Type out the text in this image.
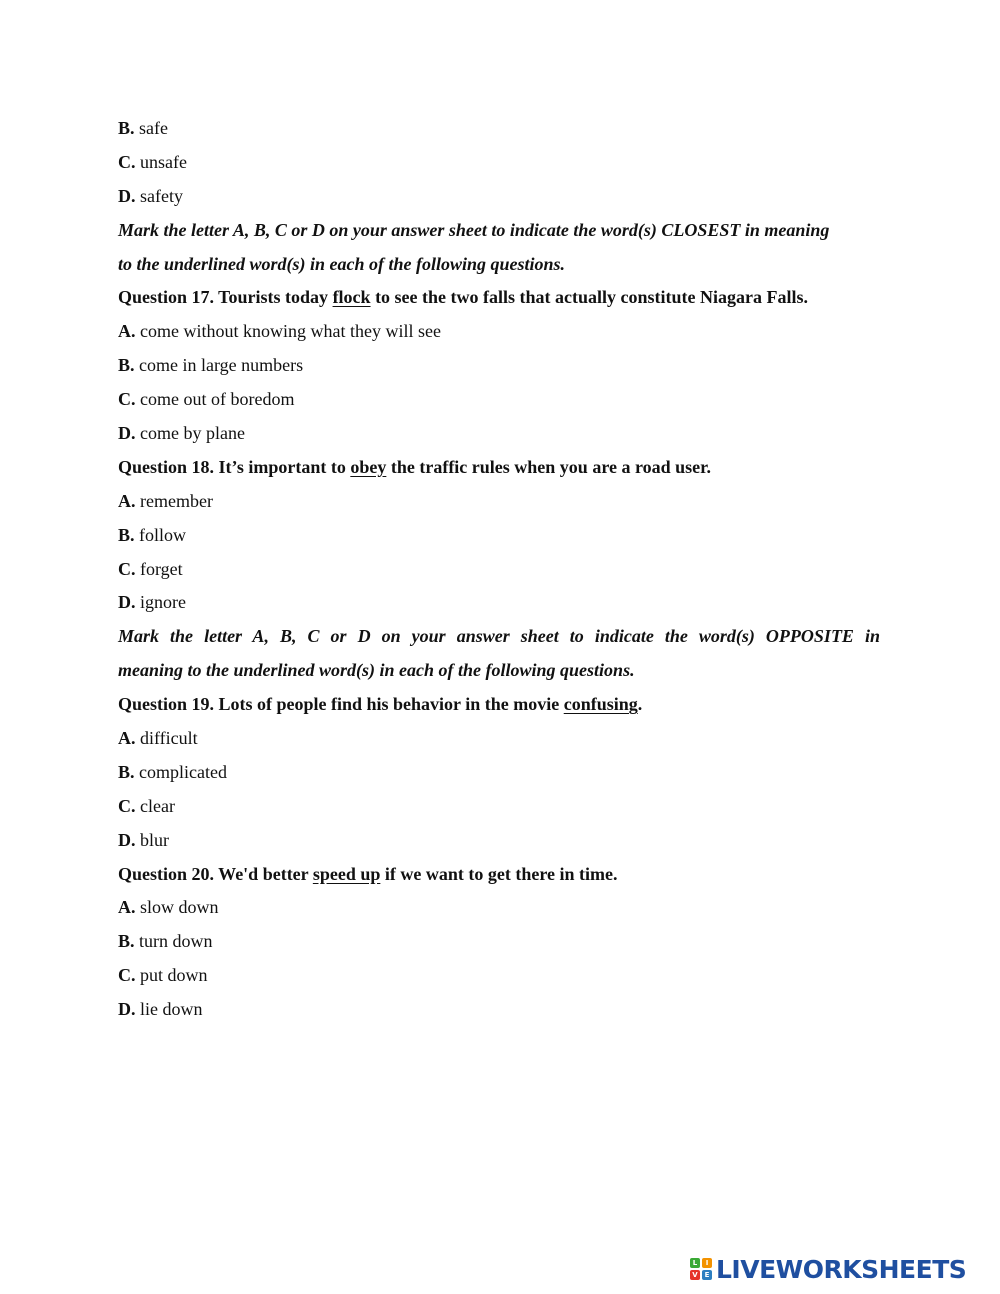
B. safe
C. unsafe
D. safety
Mark the letter A, B, C or D on your answer sheet to indicate the word(s) CLOSEST in meaning
to the underlined word(s) in each of the following questions.
Question 17. Tourists today flock to see the two falls that actually constitute Niagara Falls.
A. come without knowing what they will see
B. come in large numbers
C. come out of boredom
D. come by plane
Question 18. It’s important to obey the traffic rules when you are a road user.
A. remember
B. follow
C. forget
D. ignore
Mark the letter A, B, C or D on your answer sheet to indicate the word(s) OPPOSITE in
meaning to the underlined word(s) in each of the following questions.
Question 19. Lots of people find his behavior in the movie confusing.
A. difficult
B. complicated
C. clear
D. blur
Question 20. We'd better speed up if we want to get there in time.
A. slow down
B. turn down
C. put down
D. lie down
L	I
V E LIVEWORKSHEETS
